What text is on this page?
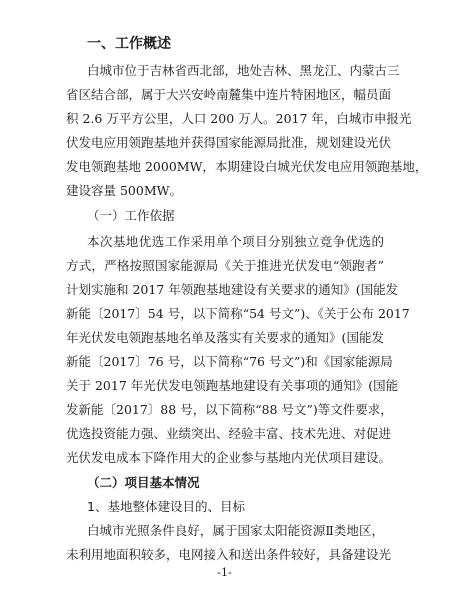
一、工作概述
白城市位于吉林省西北部，地处吉林、黑龙江、内蒙古三
省区结合部，属于大兴安岭南麓集中连片特困地区，幅员面
积 2.6 万平方公里，人口 200 万人。2017 年，白城市申报光
伏发电应用领跑基地并获得国家能源局批准，规划建设光伏
发电领跑基地 2000MW，本期建设白城光伏发电应用领跑基地，
建设容量 500MW。
（一）工作依据
本次基地优选工作采用单个项目分别独立竞争优选的
方式，严格按照国家能源局《关于推进光伏发电“领跑者”
计划实施和 2017 年领跑基地建设有关要求的通知》(国能发
新能〔2017〕54 号，以下简称“54 号文”)、《关于公布 2017
年光伏发电领跑基地名单及落实有关要求的通知》(国能发
新能〔2017〕76 号，以下简称“76 号文”)和《国家能源局
关于 2017 年光伏发电领跑基地建设有关事项的通知》(国能
发新能〔2017〕88 号，以下简称“88 号文”)等文件要求，
优选投资能力强、业绩突出、经验丰富、技术先进、对促进
光伏发电成本下降作用大的企业参与基地内光伏项目建设。
（二）项目基本情况
1、基地整体建设目的、目标
白城市光照条件良好，属于国家太阳能资源Ⅱ类地区，
未利用地面积较多，电网接入和送出条件较好，具备建设光
-1-
